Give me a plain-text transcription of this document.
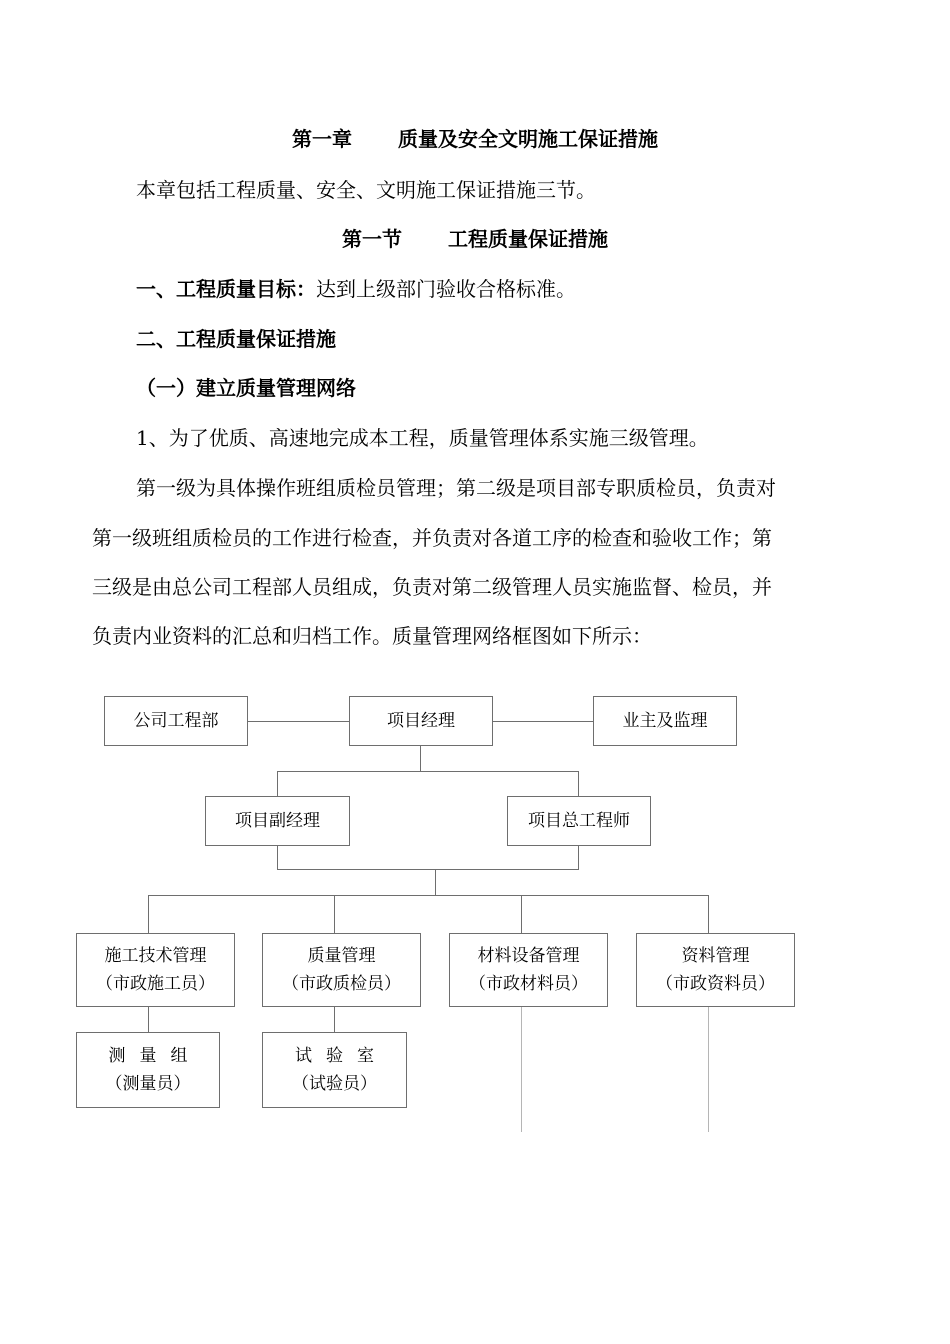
第一章 质量及安全文明施工保证措施
本章包括工程质量、安全、文明施工保证措施三节。
第一节 工程质量保证措施
一、工程质量目标：达到上级部门验收合格标准。
二、工程质量保证措施
（一）建立质量管理网络
1、为了优质、高速地完成本工程，质量管理体系实施三级管理。
第一级为具体操作班组质检员管理；第二级是项目部专职质检员，负责对
第一级班组质检员的工作进行检查，并负责对各道工序的检查和验收工作；第
三级是由总公司工程部人员组成，负责对第二级管理人员实施监督、检员，并
负责内业资料的汇总和归档工作。质量管理网络框图如下所示：
公司工程部	项目经理	业主及监理
项目副经理	项目总工程师
施工技术管理
（市政施工员）
质量管理
（市政质检员）
材料设备管理
（市政材料员）
资料管理
（市政资料员）
测量组
（测量员）
试验室
（试验员）
